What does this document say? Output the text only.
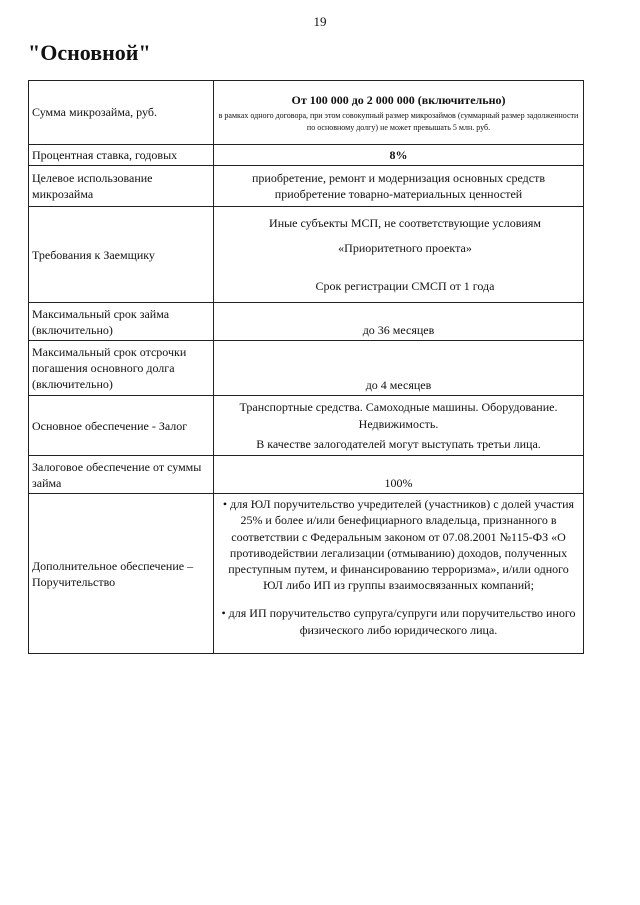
19
"Основной"
Сумма микрозайма, руб.	От 100 000 до 2 000 000 (включительно)
в рамках одного договора, при этом совокупный размер микрозаймов (суммарный размер задолженности по основному долгу) не может превышать 5 млн. руб.

Процентная ставка, годовых	8%
Целевое использование микрозайма	приобретение, ремонт и модернизация основных средств
приобретение товарно-материальных ценностей

Требования к Заемщику	Иные субъекты МСП, не соответствующие условиям
«Приоритетного проекта»
Срок регистрации СМСП от 1 года

Максимальный срок займа (включительно)	до 36 месяцев
Максимальный срок отсрочки погашения основного долга (включительно)	до 4 месяцев
Основное обеспечение - Залог	Транспортные средства. Самоходные машины. Оборудование. Недвижимость.
В качестве залогодателей могут выступать третьи лица.

Залоговое обеспечение от суммы займа	100%
Дополнительное обеспечение – Поручительство	• для ЮЛ поручительство учредителей (участников) с долей участия 25% и более и/или бенефициарного владельца, признанного в соответствии с Федеральным законом от 07.08.2001 №115-ФЗ «О противодействии легализации (отмыванию) доходов, полученных преступным путем, и финансированию терроризма», и/или одного ЮЛ либо ИП из группы взаимосвязанных компаний;
• для ИП поручительство супруга/супруги или поручительство иного физического либо юридического лица.
